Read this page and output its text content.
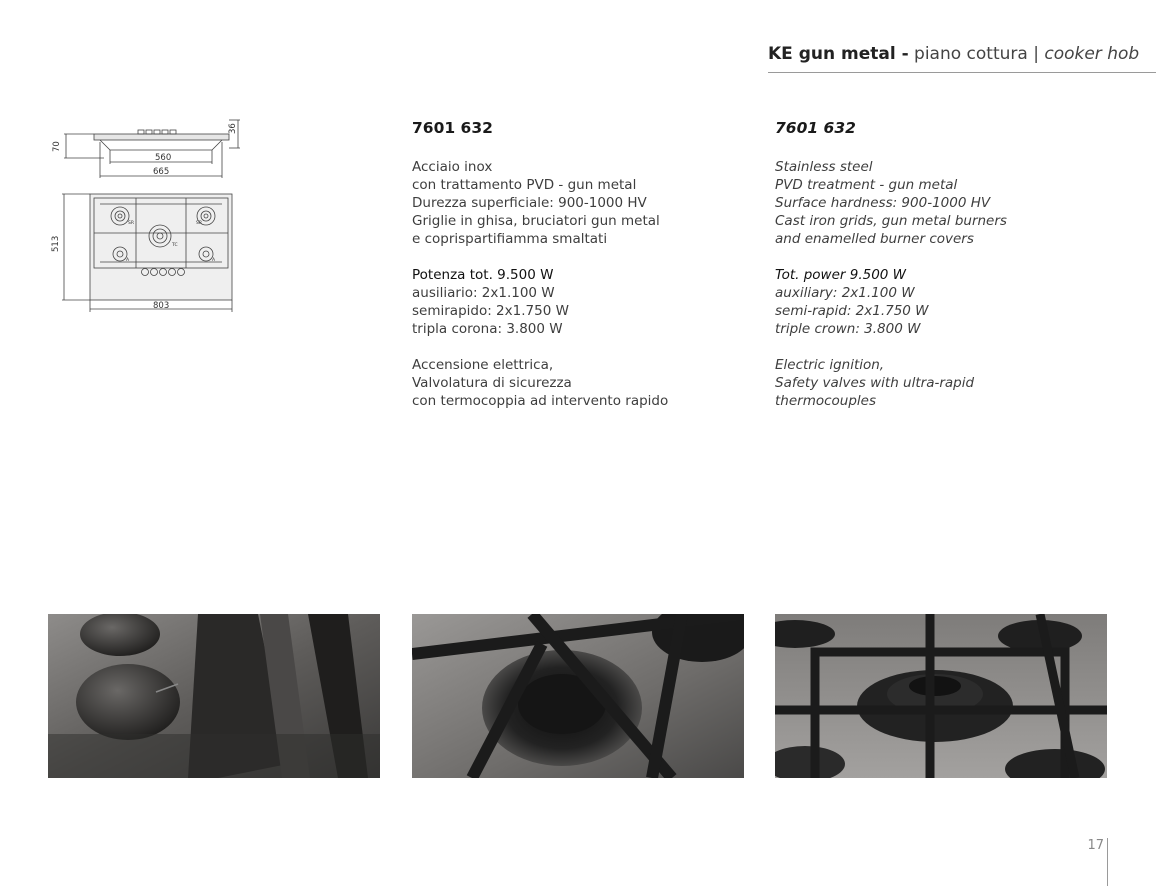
KE gun metal - piano cottura | cooker hob
70
36
560
665
SR	SR
TC
A	A
513
803
7601 632
Acciaio inox
con trattamento PVD - gun metal
Durezza superficiale: 900-1000 HV
Griglie in ghisa, bruciatori gun metal
e coprispartifiamma smaltati
Potenza tot. 9.500 W
ausiliario: 2x1.100 W
semirapido: 2x1.750 W
tripla corona: 3.800 W
Accensione elettrica,
Valvolatura di sicurezza
con termocoppia ad intervento rapido
7601 632
Stainless steel
PVD treatment - gun metal
Surface hardness: 900-1000 HV
Cast iron grids, gun metal burners
and enamelled burner covers
Tot. power 9.500 W
auxiliary: 2x1.100 W
semi-rapid: 2x1.750 W
triple crown: 3.800 W
Electric ignition,
Safety valves with ultra-rapid
thermocouples
17
